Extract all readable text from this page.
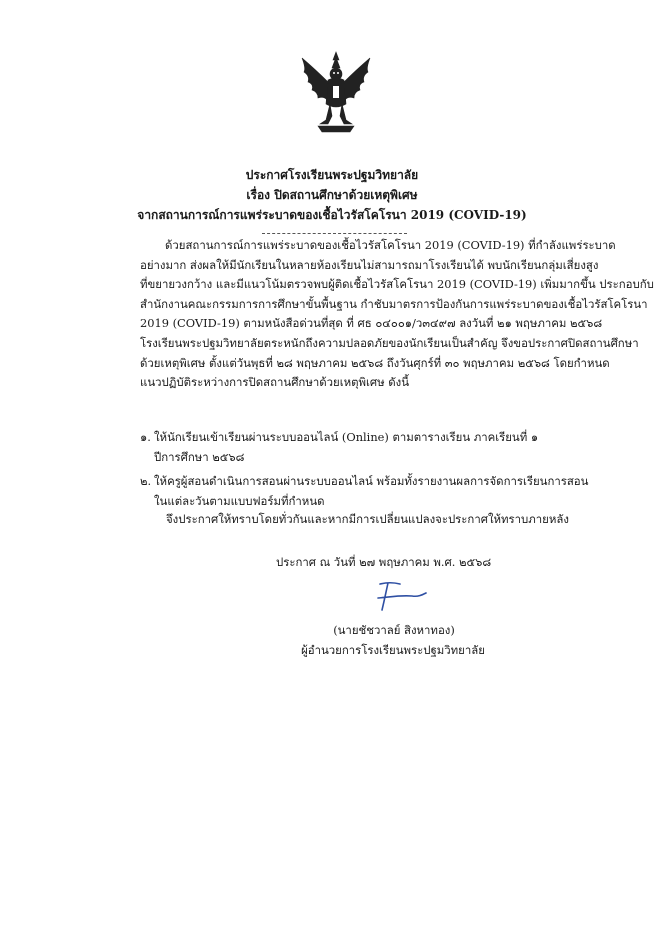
ประกาศโรงเรียนพระปฐมวิทยาลัย
เรื่อง ปิดสถานศึกษาด้วยเหตุพิเศษ
จากสถานการณ์การแพร่ระบาดของเชื้อไวรัสโคโรนา 2019 (COVID-19)
ด้วยสถานการณ์การแพร่ระบาดของเชื้อไวรัสโคโรนา 2019 (COVID-19) ที่กำลังแพร่ระบาด
อย่างมาก ส่งผลให้มีนักเรียนในหลายห้องเรียนไม่สามารถมาโรงเรียนได้ พบนักเรียนกลุ่มเสี่ยงสูง
ที่ขยายวงกว้าง และมีแนวโน้มตรวจพบผู้ติดเชื้อไวรัสโคโรนา 2019 (COVID-19) เพิ่มมากขึ้น ประกอบกับ
สำนักงานคณะกรรมการการศึกษาขั้นพื้นฐาน กำชับมาตรการป้องกันการแพร่ระบาดของเชื้อไวรัสโคโรนา
2019 (COVID-19) ตามหนังสือด่วนที่สุด ที่ ศธ ๐๔๐๐๑/ว๓๔๙๗ ลงวันที่ ๒๑ พฤษภาคม ๒๕๖๘
โรงเรียนพระปฐมวิทยาลัยตระหนักถึงความปลอดภัยของนักเรียนเป็นสำคัญ จึงขอประกาศปิดสถานศึกษา
ด้วยเหตุพิเศษ ตั้งแต่วันพุธที่ ๒๘ พฤษภาคม ๒๕๖๘ ถึงวันศุกร์ที่ ๓๐ พฤษภาคม ๒๕๖๘ โดยกำหนด
แนวปฏิบัติระหว่างการปิดสถานศึกษาด้วยเหตุพิเศษ ดังนี้
๑. ให้นักเรียนเข้าเรียนผ่านระบบออนไลน์ (Online) ตามตารางเรียน ภาคเรียนที่ ๑
ปีการศึกษา ๒๕๖๘
๒. ให้ครูผู้สอนดำเนินการสอนผ่านระบบออนไลน์ พร้อมทั้งรายงานผลการจัดการเรียนการสอน
ในแต่ละวันตามแบบฟอร์มที่กำหนด
จึงประกาศให้ทราบโดยทั่วกันและหากมีการเปลี่ยนแปลงจะประกาศให้ทราบภายหลัง
ประกาศ ณ วันที่ ๒๗ พฤษภาคม พ.ศ. ๒๕๖๘
(นายชัชวาลย์ สิงหาทอง)
ผู้อำนวยการโรงเรียนพระปฐมวิทยาลัย
